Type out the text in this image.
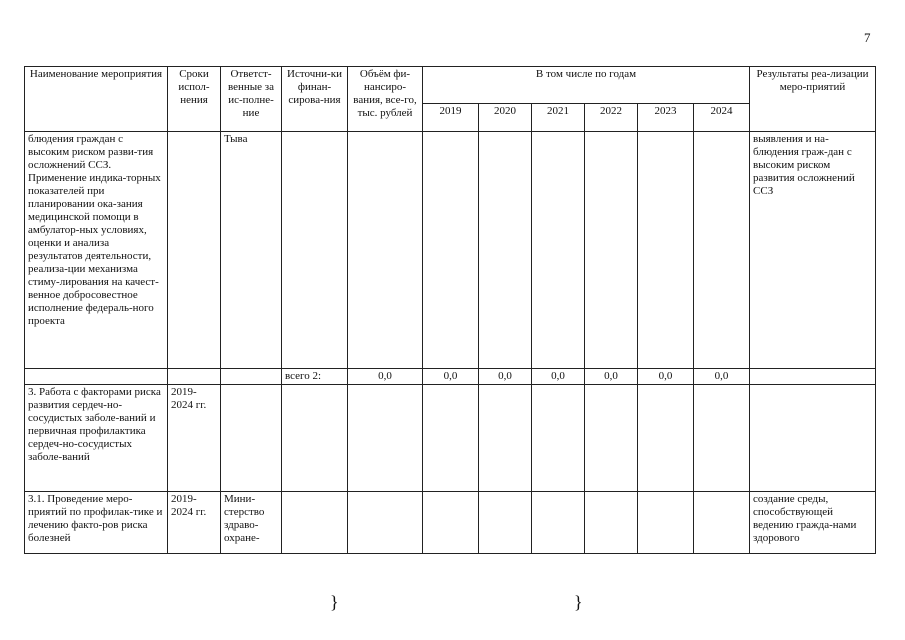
7
Наименование мероприятия	Сроки испол-нения	Ответст-венные за ис-полне-ние	Источни-ки финан-сирова-ния	Объём фи-нансиро-вания, все-го, тыс. рублей	В том числе по годам						Результаты реа-лизации меро-приятий
					2019	2020	2021	2022	2023	2024	
блюдения граждан с высоким риском разви-тия осложнений ССЗ. Применение индика-торных показателей при планировании ока-зания медицинской помощи в амбулатор-ных условиях, оценки и анализа результатов деятельности, реализа-ции механизма стиму-лирования на качест-венное добросовестное исполнение федераль-ного проекта		Тыва									выявления и на-блюдения граж-дан с высоким риском развития осложнений ССЗ
			всего 2:	0,0	0,0	0,0	0,0	0,0	0,0	0,0	
3. Работа с факторами риска развития сердеч-но-сосудистых заболе-ваний и первичная профилактика сердеч-но-сосудистых заболе-ваний	2019-2024 гг.										
3.1. Проведение меро-приятий по профилак-тике и лечению факто-ров риска болезней	2019-2024 гг.	Мини-стерство здраво-охране-									создание среды, способствующей ведению гражда-нами здорового
}	}
